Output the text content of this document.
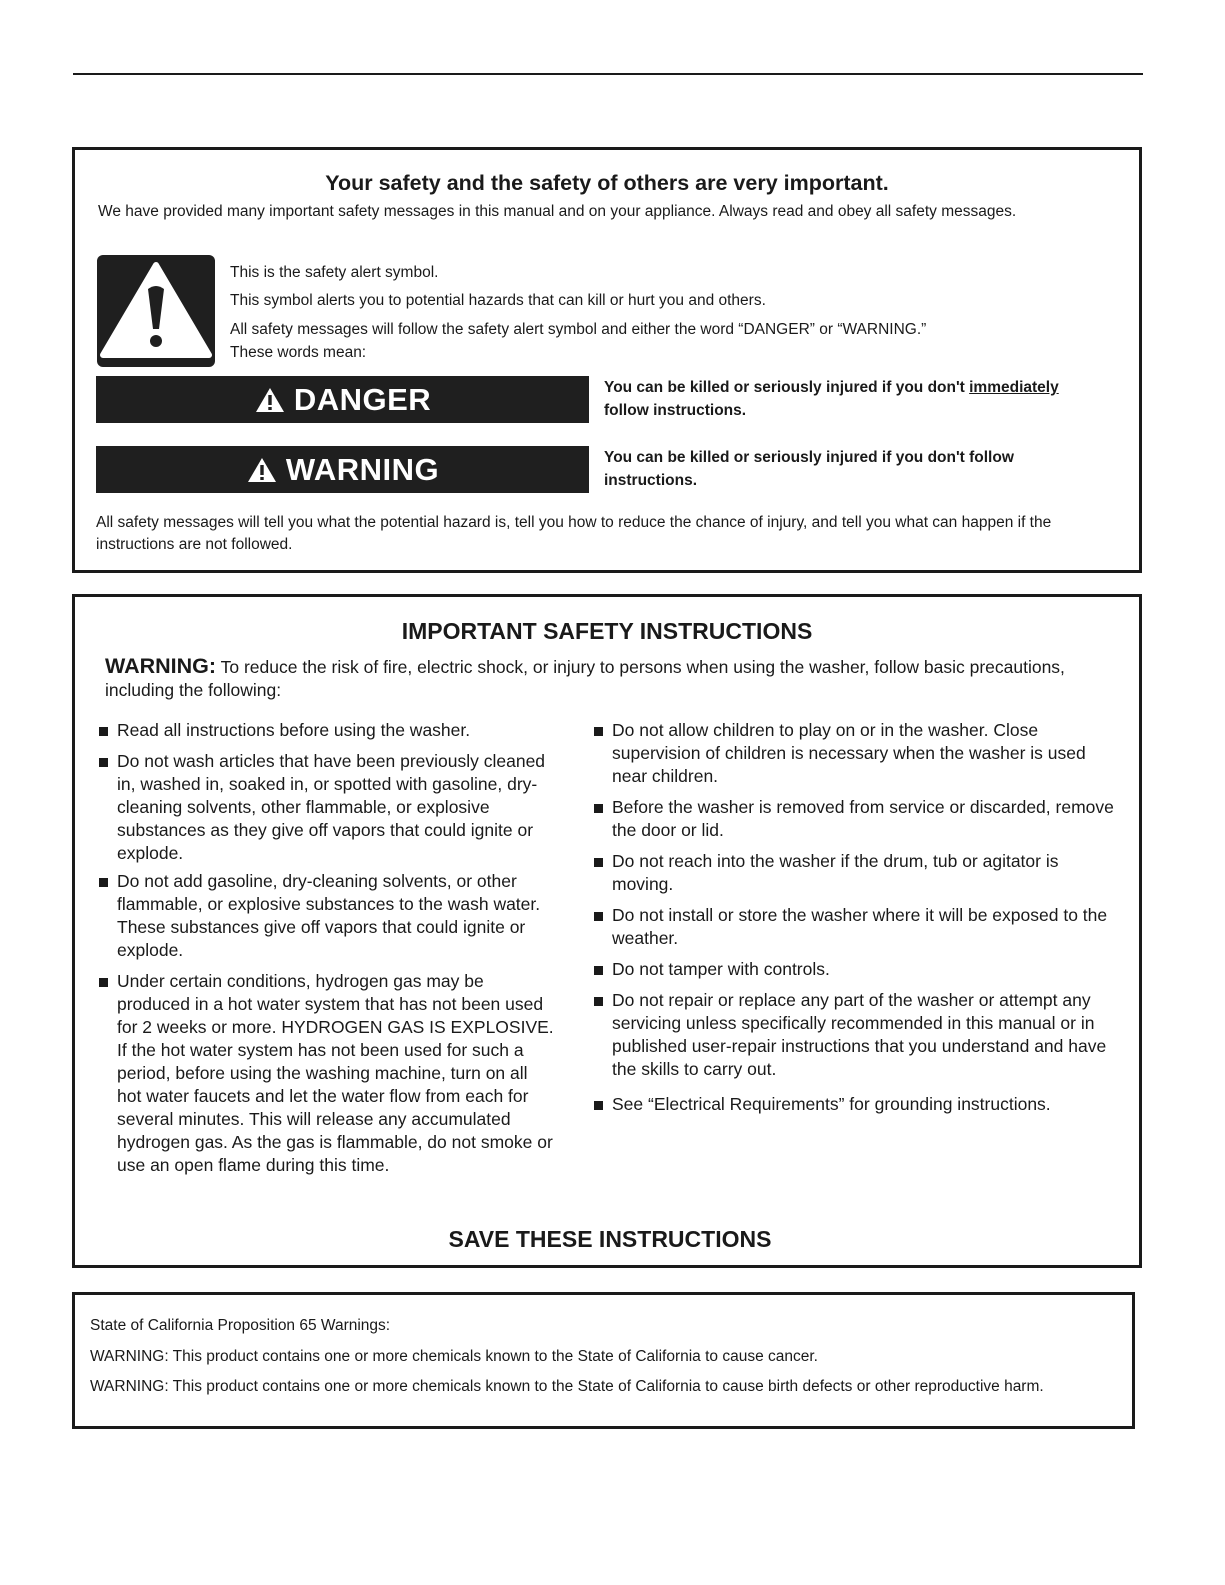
Your safety and the safety of others are very important.
We have provided many important safety messages in this manual and on your appliance. Always read and obey all safety messages.
This is the safety alert symbol.
This symbol alerts you to potential hazards that can kill or hurt you and others.
All safety messages will follow the safety alert symbol and either the word “DANGER” or “WARNING.”
These words mean:
DANGER	You can be killed or seriously injured if you don't immediately
follow instructions.
WARNING	You can be killed or seriously injured if you don't follow instructions.
All safety messages will tell you what the potential hazard is, tell you how to reduce the chance of injury, and tell you what can happen if the instructions are not followed.
IMPORTANT SAFETY INSTRUCTIONS
WARNING: To reduce the risk of fire, electric shock, or injury to persons when using the washer, follow basic precautions, including the following:
Read all instructions before using the washer.
Do not wash articles that have been previously cleaned in, washed in, soaked in, or spotted with gasoline, dry-cleaning solvents, other flammable, or explosive substances as they give off vapors that could ignite or explode.
Do not add gasoline, dry-cleaning solvents, or other flammable, or explosive substances to the wash water. These substances give off vapors that could ignite or explode.
Under certain conditions, hydrogen gas may be produced in a hot water system that has not been used for 2 weeks or more. HYDROGEN GAS IS EXPLOSIVE. If the hot water system has not been used for such a period, before using the washing machine, turn on all hot water faucets and let the water flow from each for several minutes. This will release any accumulated hydrogen gas. As the gas is flammable, do not smoke or use an open flame during this time.
Do not allow children to play on or in the washer. Close supervision of children is necessary when the washer is used near children.
Before the washer is removed from service or discarded, remove the door or lid.
Do not reach into the washer if the drum, tub or agitator is moving.
Do not install or store the washer where it will be exposed to the weather.
Do not tamper with controls.
Do not repair or replace any part of the washer or attempt any servicing unless specifically recommended in this manual or in published user-repair instructions that you understand and have the skills to carry out.
See “Electrical Requirements” for grounding instructions.
SAVE THESE INSTRUCTIONS
State of California Proposition 65 Warnings:
WARNING: This product contains one or more chemicals known to the State of California to cause cancer.
WARNING: This product contains one or more chemicals known to the State of California to cause birth defects or other reproductive harm.
